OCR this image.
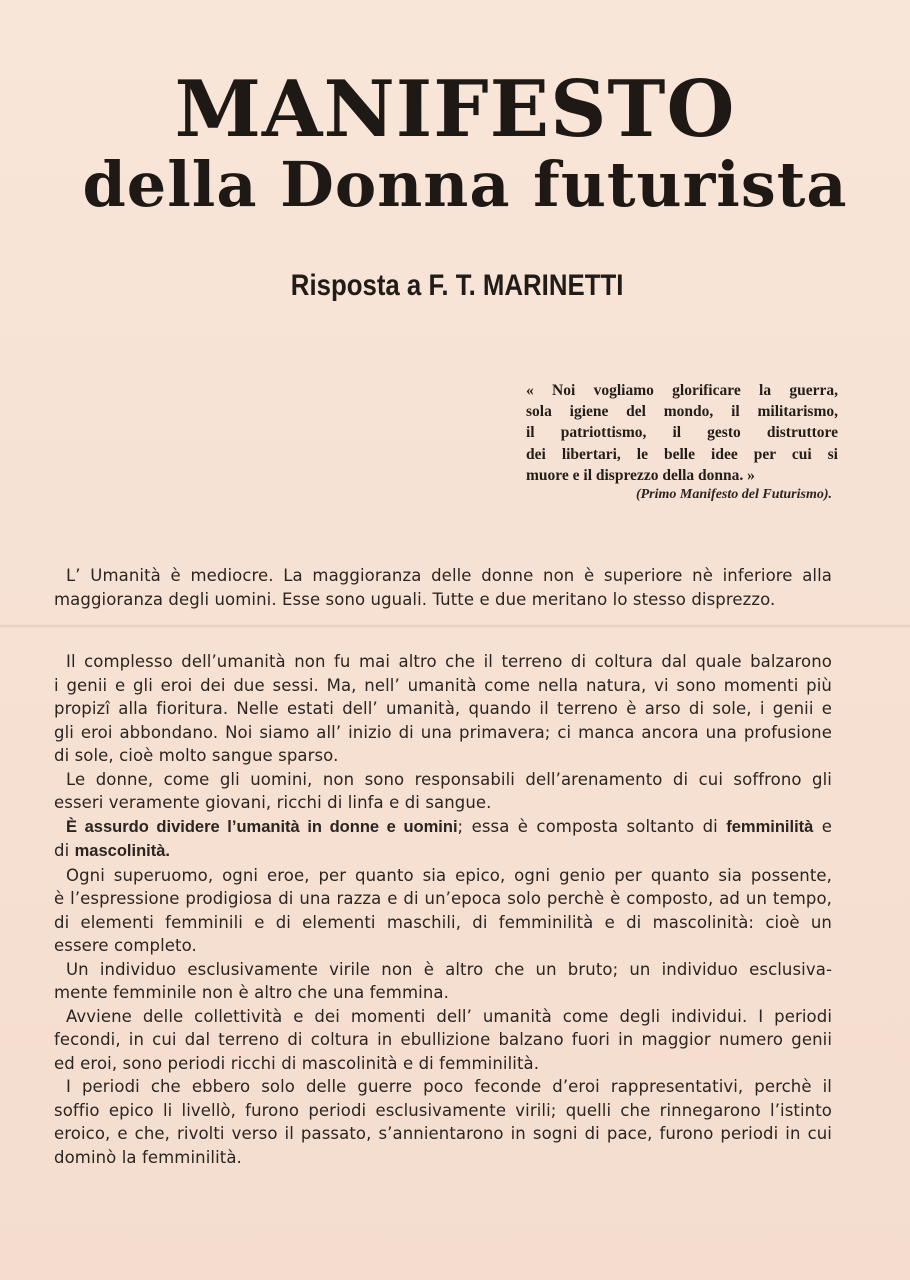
MANIFESTO
della Donna futurista
Risposta a F. T. MARINETTI
« Noi vogliamo glorificare la guerra,
sola igiene del mondo, il militarismo,
il patriottismo, il gesto distruttore
dei libertari, le belle idee per cui si
muore e il disprezzo della donna. »
(Primo Manifesto del Futurismo).
L’ Umanità è mediocre. La maggioranza delle donne non è superiore nè inferiore alla
maggioranza degli uomini. Esse sono uguali. Tutte e due meritano lo stesso disprezzo.
Il complesso dell’umanità non fu mai altro che il terreno di coltura dal quale balzarono
i genii e gli eroi dei due sessi. Ma, nell’ umanità come nella natura, vi sono momenti più
propizî alla fioritura. Nelle estati dell’ umanità, quando il terreno è arso di sole, i genii e
gli eroi abbondano. Noi siamo all’ inizio di una primavera; ci manca ancora una profusione
di sole, cioè molto sangue sparso.
Le donne, come gli uomini, non sono responsabili dell’arenamento di cui soffrono gli
esseri veramente giovani, ricchi di linfa e di sangue.
È assurdo dividere l’umanità in donne e uomini; essa è composta soltanto di femminilità e
di mascolinità.
Ogni superuomo, ogni eroe, per quanto sia epico, ogni genio per quanto sia possente,
è l’espressione prodigiosa di una razza e di un’epoca solo perchè è composto, ad un tempo,
di elementi femminili e di elementi maschili, di femminilità e di mascolinità: cioè un
essere completo.
Un individuo esclusivamente virile non è altro che un bruto; un individuo esclusiva-
mente femminile non è altro che una femmina.
Avviene delle collettività e dei momenti dell’ umanità come degli individui. I periodi
fecondi, in cui dal terreno di coltura in ebullizione balzano fuori in maggior numero genii
ed eroi, sono periodi ricchi di mascolinità e di femminilità.
I periodi che ebbero solo delle guerre poco feconde d’eroi rappresentativi, perchè il
soffio epico li livellò, furono periodi esclusivamente virili; quelli che rinnegarono l’istinto
eroico, e che, rivolti verso il passato, s’annientarono in sogni di pace, furono periodi in cui
dominò la femminilità.
